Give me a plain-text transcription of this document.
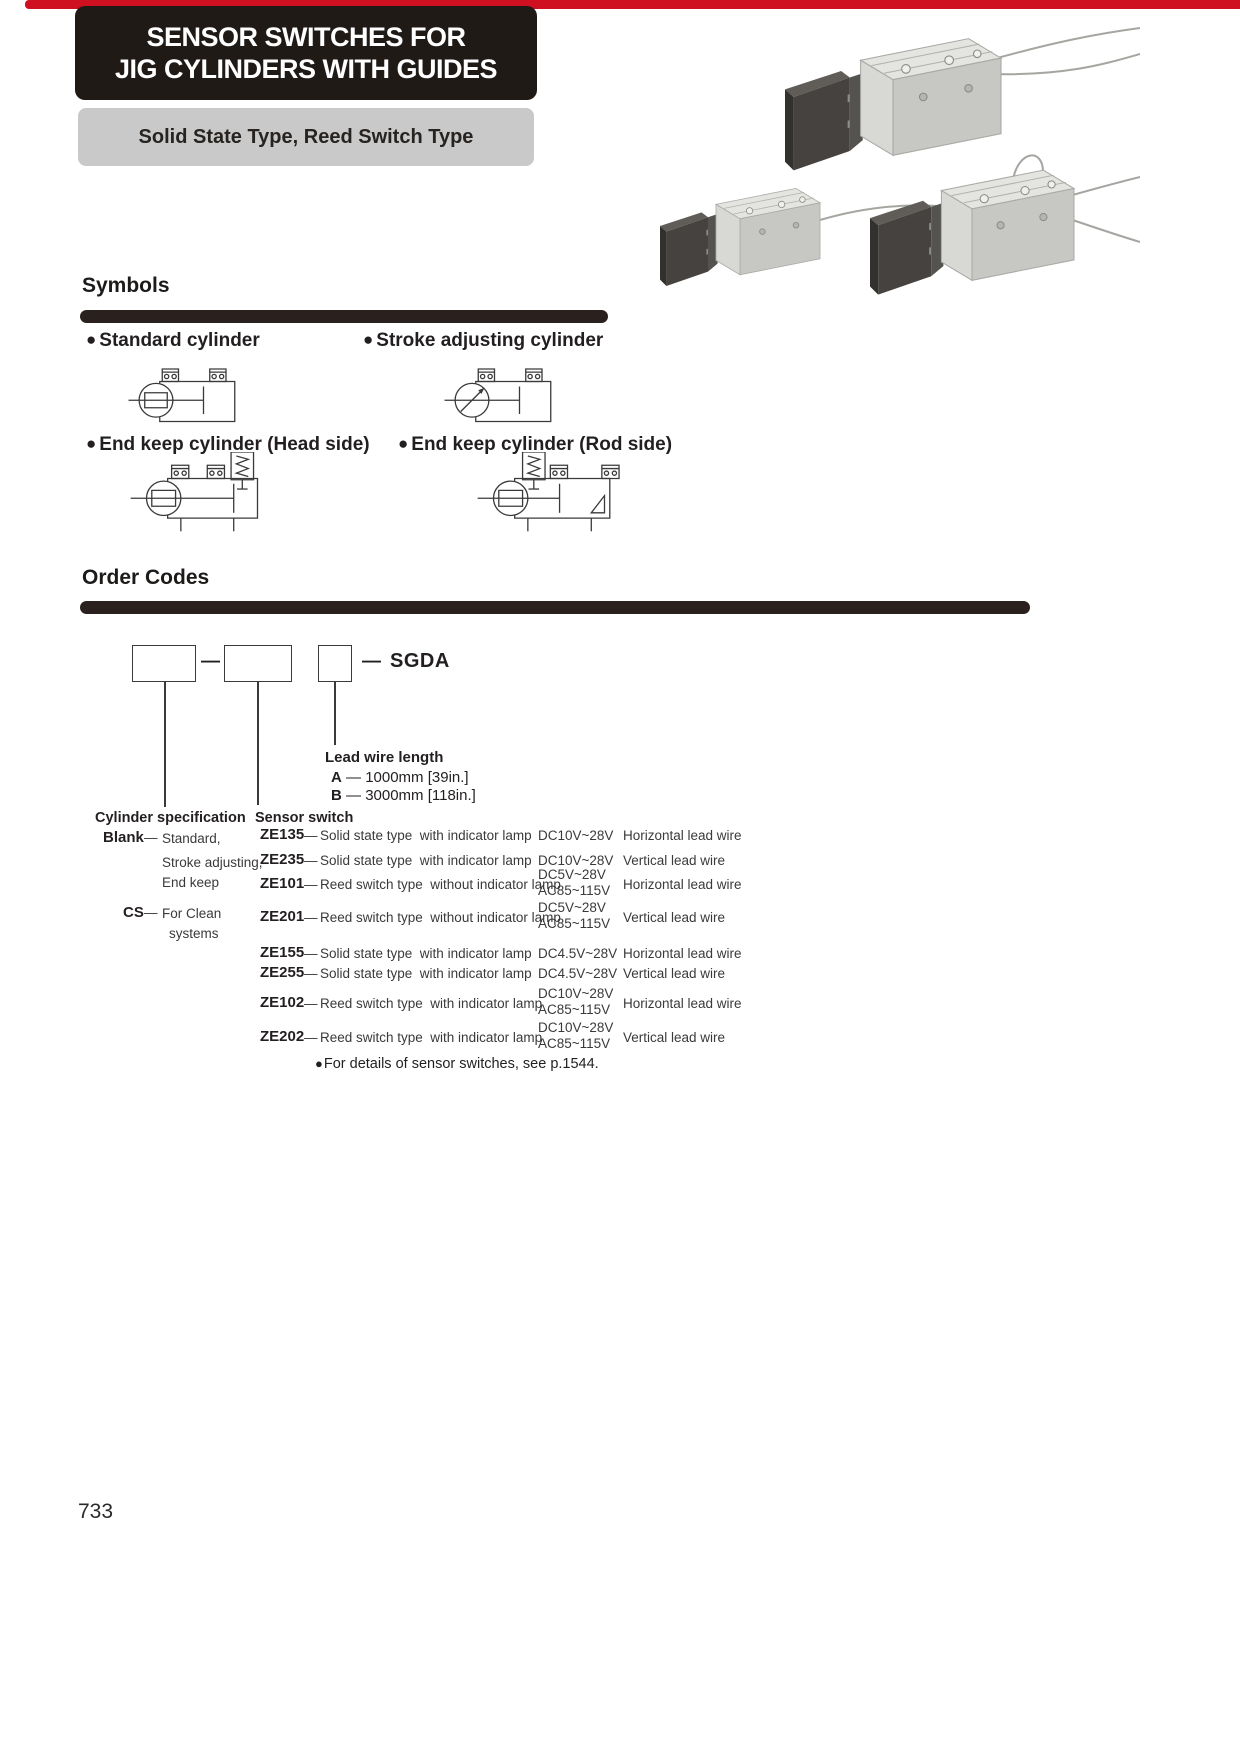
SENSOR SWITCHES FOR
JIG CYLINDERS WITH GUIDES
Solid State Type, Reed Switch Type
Symbols
● Standard cylinder	● Stroke adjusting cylinder
● End keep cylinder (Head side) ● End keep cylinder (Rod side)
Order Codes
—	— SGDA
Lead wire length
A — 1000mm [39in.]
B — 3000mm [118in.]
Cylinder specification
Blank — Standard,
Stroke adjusting,
End keep
CS — For Clean
systems
Sensor switch
ZE135 — Solid state type  with indicator lamp DC10V~28V Horizontal lead wire
ZE235 — Solid state type  with indicator lamp DC10V~28V Vertical lead wire
ZE101 — Reed switch type  without indicator lamp
DC5V~28V
AC85~115V Horizontal lead wire
ZE201 — Reed switch type  without indicator lamp
DC5V~28V
AC85~115V Vertical lead wire
ZE155 — Solid state type  with indicator lamp DC4.5V~28V Horizontal lead wire
ZE255 — Solid state type  with indicator lamp DC4.5V~28V Vertical lead wire
ZE102 — Reed switch type  with indicator lamp
DC10V~28V
AC85~115V Horizontal lead wire
ZE202 — Reed switch type  with indicator lamp
DC10V~28V
AC85~115V Vertical lead wire
●For details of sensor switches, see p.1544.
733
